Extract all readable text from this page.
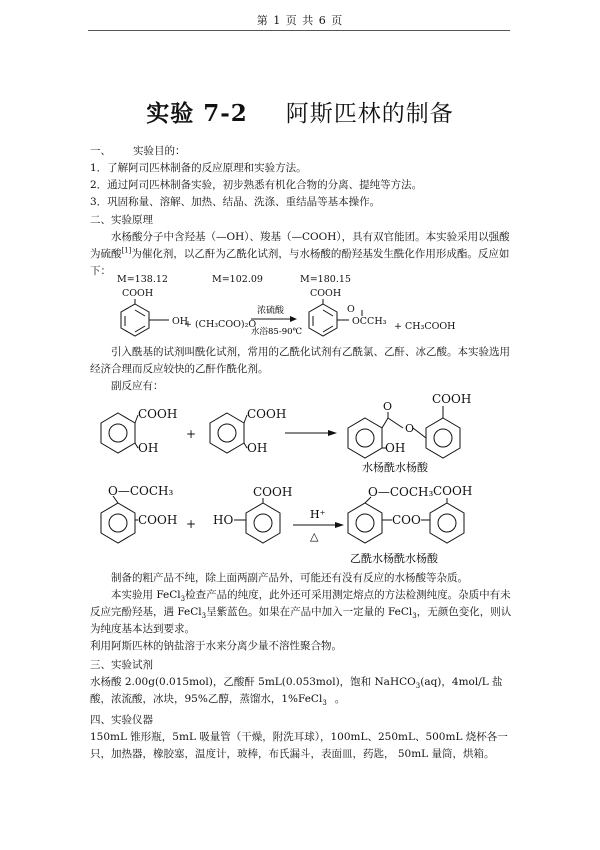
第 1 页 共 6 页
实验 7-2 阿斯匹林的制备
一、 实验目的：
1．了解阿司匹林制备的反应原理和实验方法。
2．通过阿司匹林制备实验，初步熟悉有机化合物的分离、提纯等方法。
3．巩固称量、溶解、加热、结晶、洗涤、重结晶等基本操作。
二、实验原理
水杨酸分子中含羟基（—OH）、羧基（—COOH），具有双官能团。本实验采用以强酸为硫酸[1]为催化剂，以乙酐为乙酰化试剂，与水杨酸的酚羟基发生酰化作用形成酯。反应如下：
M=138.12	M=102.09	M=180.15
COOH	COOH
OH
+ (CH₃COO)₂O	OCCH₃
O
+ CH₃COOH
浓硫酸
水浴85-90℃
引入酰基的试剂叫酰化试剂，常用的乙酰化试剂有乙酰氯、乙酐、冰乙酸。本实验选用经济合理而反应较快的乙酐作酰化剂。
副反应有：
COOH
OH
+
COOH
OH
COOH
OH
O
O
水杨酰水杨酸
O—COCH₃
COOH +
COOH
HO
O—COCH₃ COOH
COO
H⁺
△
乙酰水杨酰水杨酸
制备的粗产品不纯，除上面两副产品外，可能还有没有反应的水杨酸等杂质。
本实验用 FeCl$_3$检查产品的纯度，此外还可采用测定熔点的方法检测纯度。杂质中有未反应完酚羟基，遇 FeCl$_3$呈紫蓝色。如果在产品中加入一定量的 FeCl$_3$，无颜色变化，则认为纯度基本达到要求。
利用阿斯匹林的钠盐溶于水来分离少量不溶性聚合物。
三、实验试剂
水杨酸 2.00g(0.015mol)，乙酸酐 5mL(0.053mol)，饱和 NaHCO$_3$(aq)，4mol/L 盐酸，浓流酸，冰块，95%乙醇，蒸馏水，1%FeCl$_3$ 。
四、实验仪器
150mL 锥形瓶，5mL 吸量管（干燥，附洗耳球），100mL、250mL、500mL 烧杯各一只，加热器，橡胶塞，温度计，玻棒，布氏漏斗，表面皿，药匙， 50mL 量筒，烘箱。
